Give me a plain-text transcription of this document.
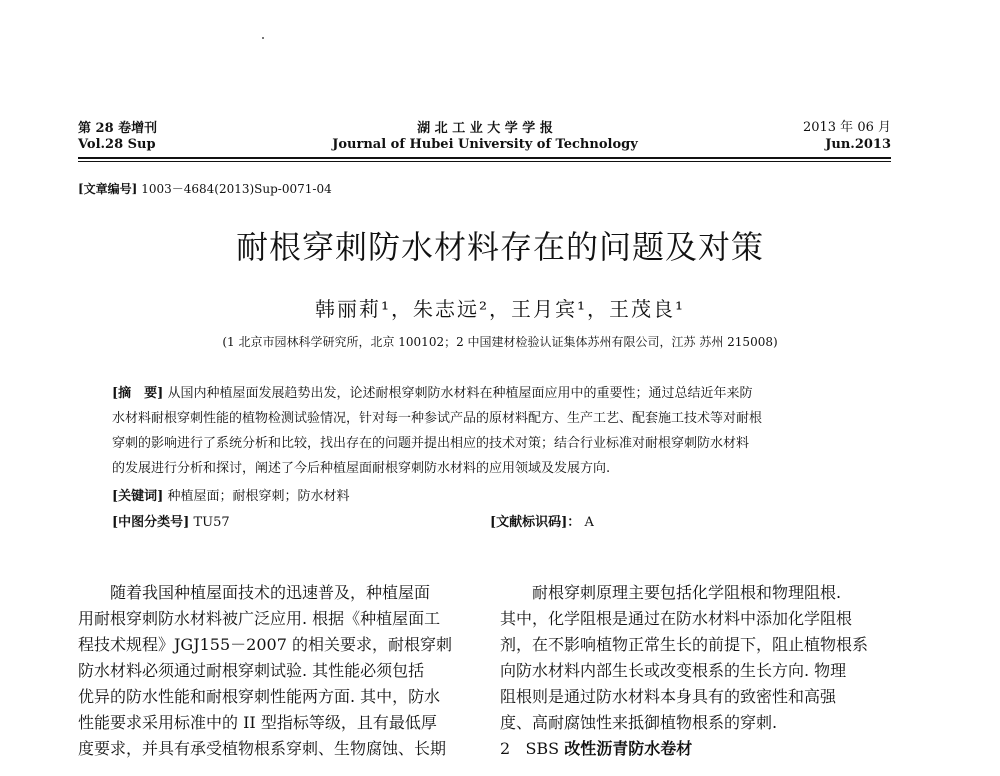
第 28 卷增刊
Vol.28 Sup
湖 北 工 业 大 学 学 报
Journal of Hubei University of Technology
2013 年 06 月
Jun.2013
[文章编号] 1003－4684(2013)Sup-0071-04
耐根穿刺防水材料存在的问题及对策
韩丽莉¹，朱志远²，王月宾¹，王茂良¹
(1 北京市园林科学研究所，北京 100102；2 中国建材检验认证集体苏州有限公司，江苏 苏州 215008)
[摘　要] 从国内种植屋面发展趋势出发，论述耐根穿刺防水材料在种植屋面应用中的重要性；通过总结近年来防
水材料耐根穿刺性能的植物检测试验情况，针对每一种参试产品的原材料配方、生产工艺、配套施工技术等对耐根
穿刺的影响进行了系统分析和比较，找出存在的问题并提出相应的技术对策；结合行业标准对耐根穿刺防水材料
的发展进行分析和探讨，阐述了今后种植屋面耐根穿刺防水材料的应用领域及发展方向.
[关键词] 种植屋面；耐根穿刺；防水材料
[中图分类号] TU57	[文献标识码]： A

　　随着我国种植屋面技术的迅速普及，种植屋面

用耐根穿刺防水材料被广泛应用. 根据《种植屋面工

程技术规程》JGJ155－2007 的相关要求，耐根穿刺

防水材料必须通过耐根穿刺试验. 其性能必须包括

优异的防水性能和耐根穿刺性能两方面. 其中，防水

性能要求采用标准中的 II 型指标等级，且有最低厚

度要求，并具有承受植物根系穿刺、生物腐蚀、长期

　　耐根穿刺原理主要包括化学阻根和物理阻根.

其中，化学阻根是通过在防水材料中添加化学阻根

剂，在不影响植物正常生长的前提下，阻止植物根系

向防水材料内部生长或改变根系的生长方向. 物理

阻根则是通过防水材料本身具有的致密性和高强

度、高耐腐蚀性来抵御植物根系的穿刺.

2 SBS 改性沥青防水卷材
